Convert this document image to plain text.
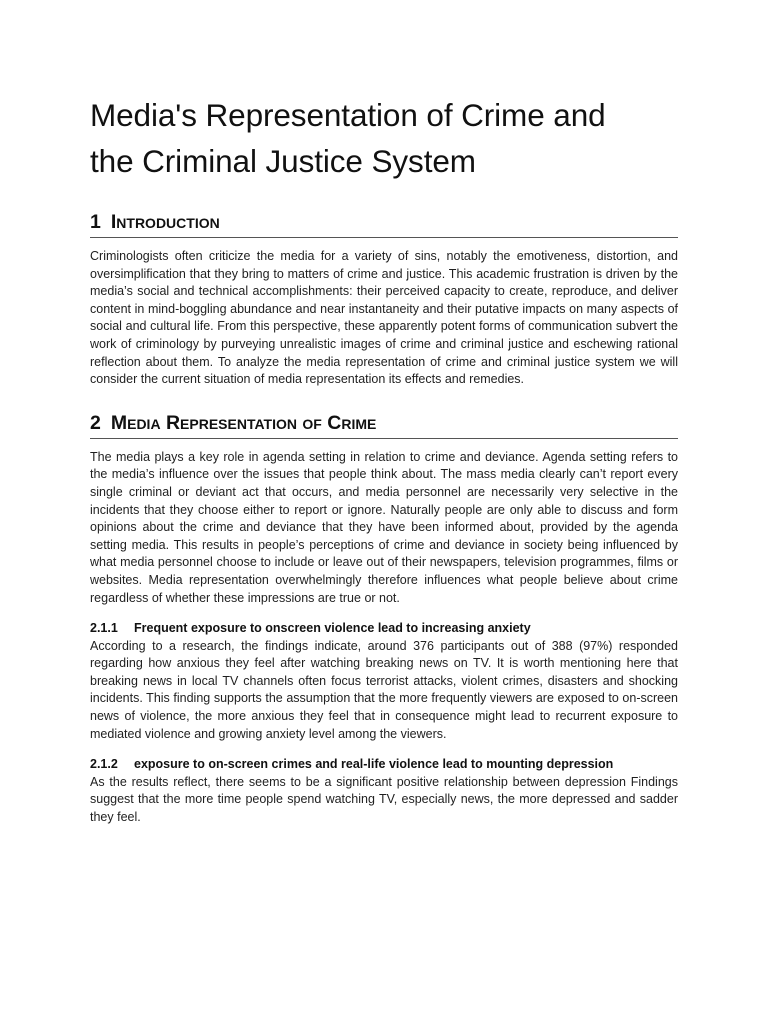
Media's Representation of Crime and
the Criminal Justice System
1 Introduction

Criminologists often criticize the media for a variety of sins, notably the emotiveness, distortion, and oversimplification that they bring to matters of crime and justice. This academic frustration is driven by the media’s social and technical accomplishments: their perceived capacity to create, reproduce, and deliver content in mind-boggling abundance and near instantaneity and their putative impacts on many aspects of social and cultural life. From this perspective, these apparently potent forms of communication subvert the work of criminology by purveying unrealistic images of crime and criminal justice and eschewing rational reflection about them. To analyze the media representation of crime and criminal justice system we will consider the current situation of media representation its effects and remedies.

2 Media Representation of Crime

The media plays a key role in agenda setting in relation to crime and deviance. Agenda setting refers to the media’s influence over the issues that people think about. The mass media clearly can’t report every single criminal or deviant act that occurs, and media personnel are necessarily very selective in the incidents that they choose either to report or ignore. Naturally people are only able to discuss and form opinions about the crime and deviance that they have been informed about, provided by the agenda setting media. This results in people’s perceptions of crime and deviance in society being influenced by what media personnel choose to include or leave out of their newspapers, television programmes, films or websites. Media representation overwhelmingly therefore influences what people believe about crime regardless of whether these impressions are true or not.

2.1.1 Frequent exposure to onscreen violence lead to increasing anxiety

According to a research, the findings indicate, around 376 participants out of 388 (97%) responded regarding how anxious they feel after watching breaking news on TV. It is worth mentioning here that breaking news in local TV channels often focus terrorist attacks, violent crimes, disasters and shocking incidents. This finding supports the assumption that the more frequently viewers are exposed to on-screen news of violence, the more anxious they feel that in consequence might lead to recurrent exposure to mediated violence and growing anxiety level among the viewers.

2.1.2 exposure to on-screen crimes and real-life violence lead to mounting depression

As the results reflect, there seems to be a significant positive relationship between depression Findings suggest that the more time people spend watching TV, especially news, the more depressed and sadder they feel.
